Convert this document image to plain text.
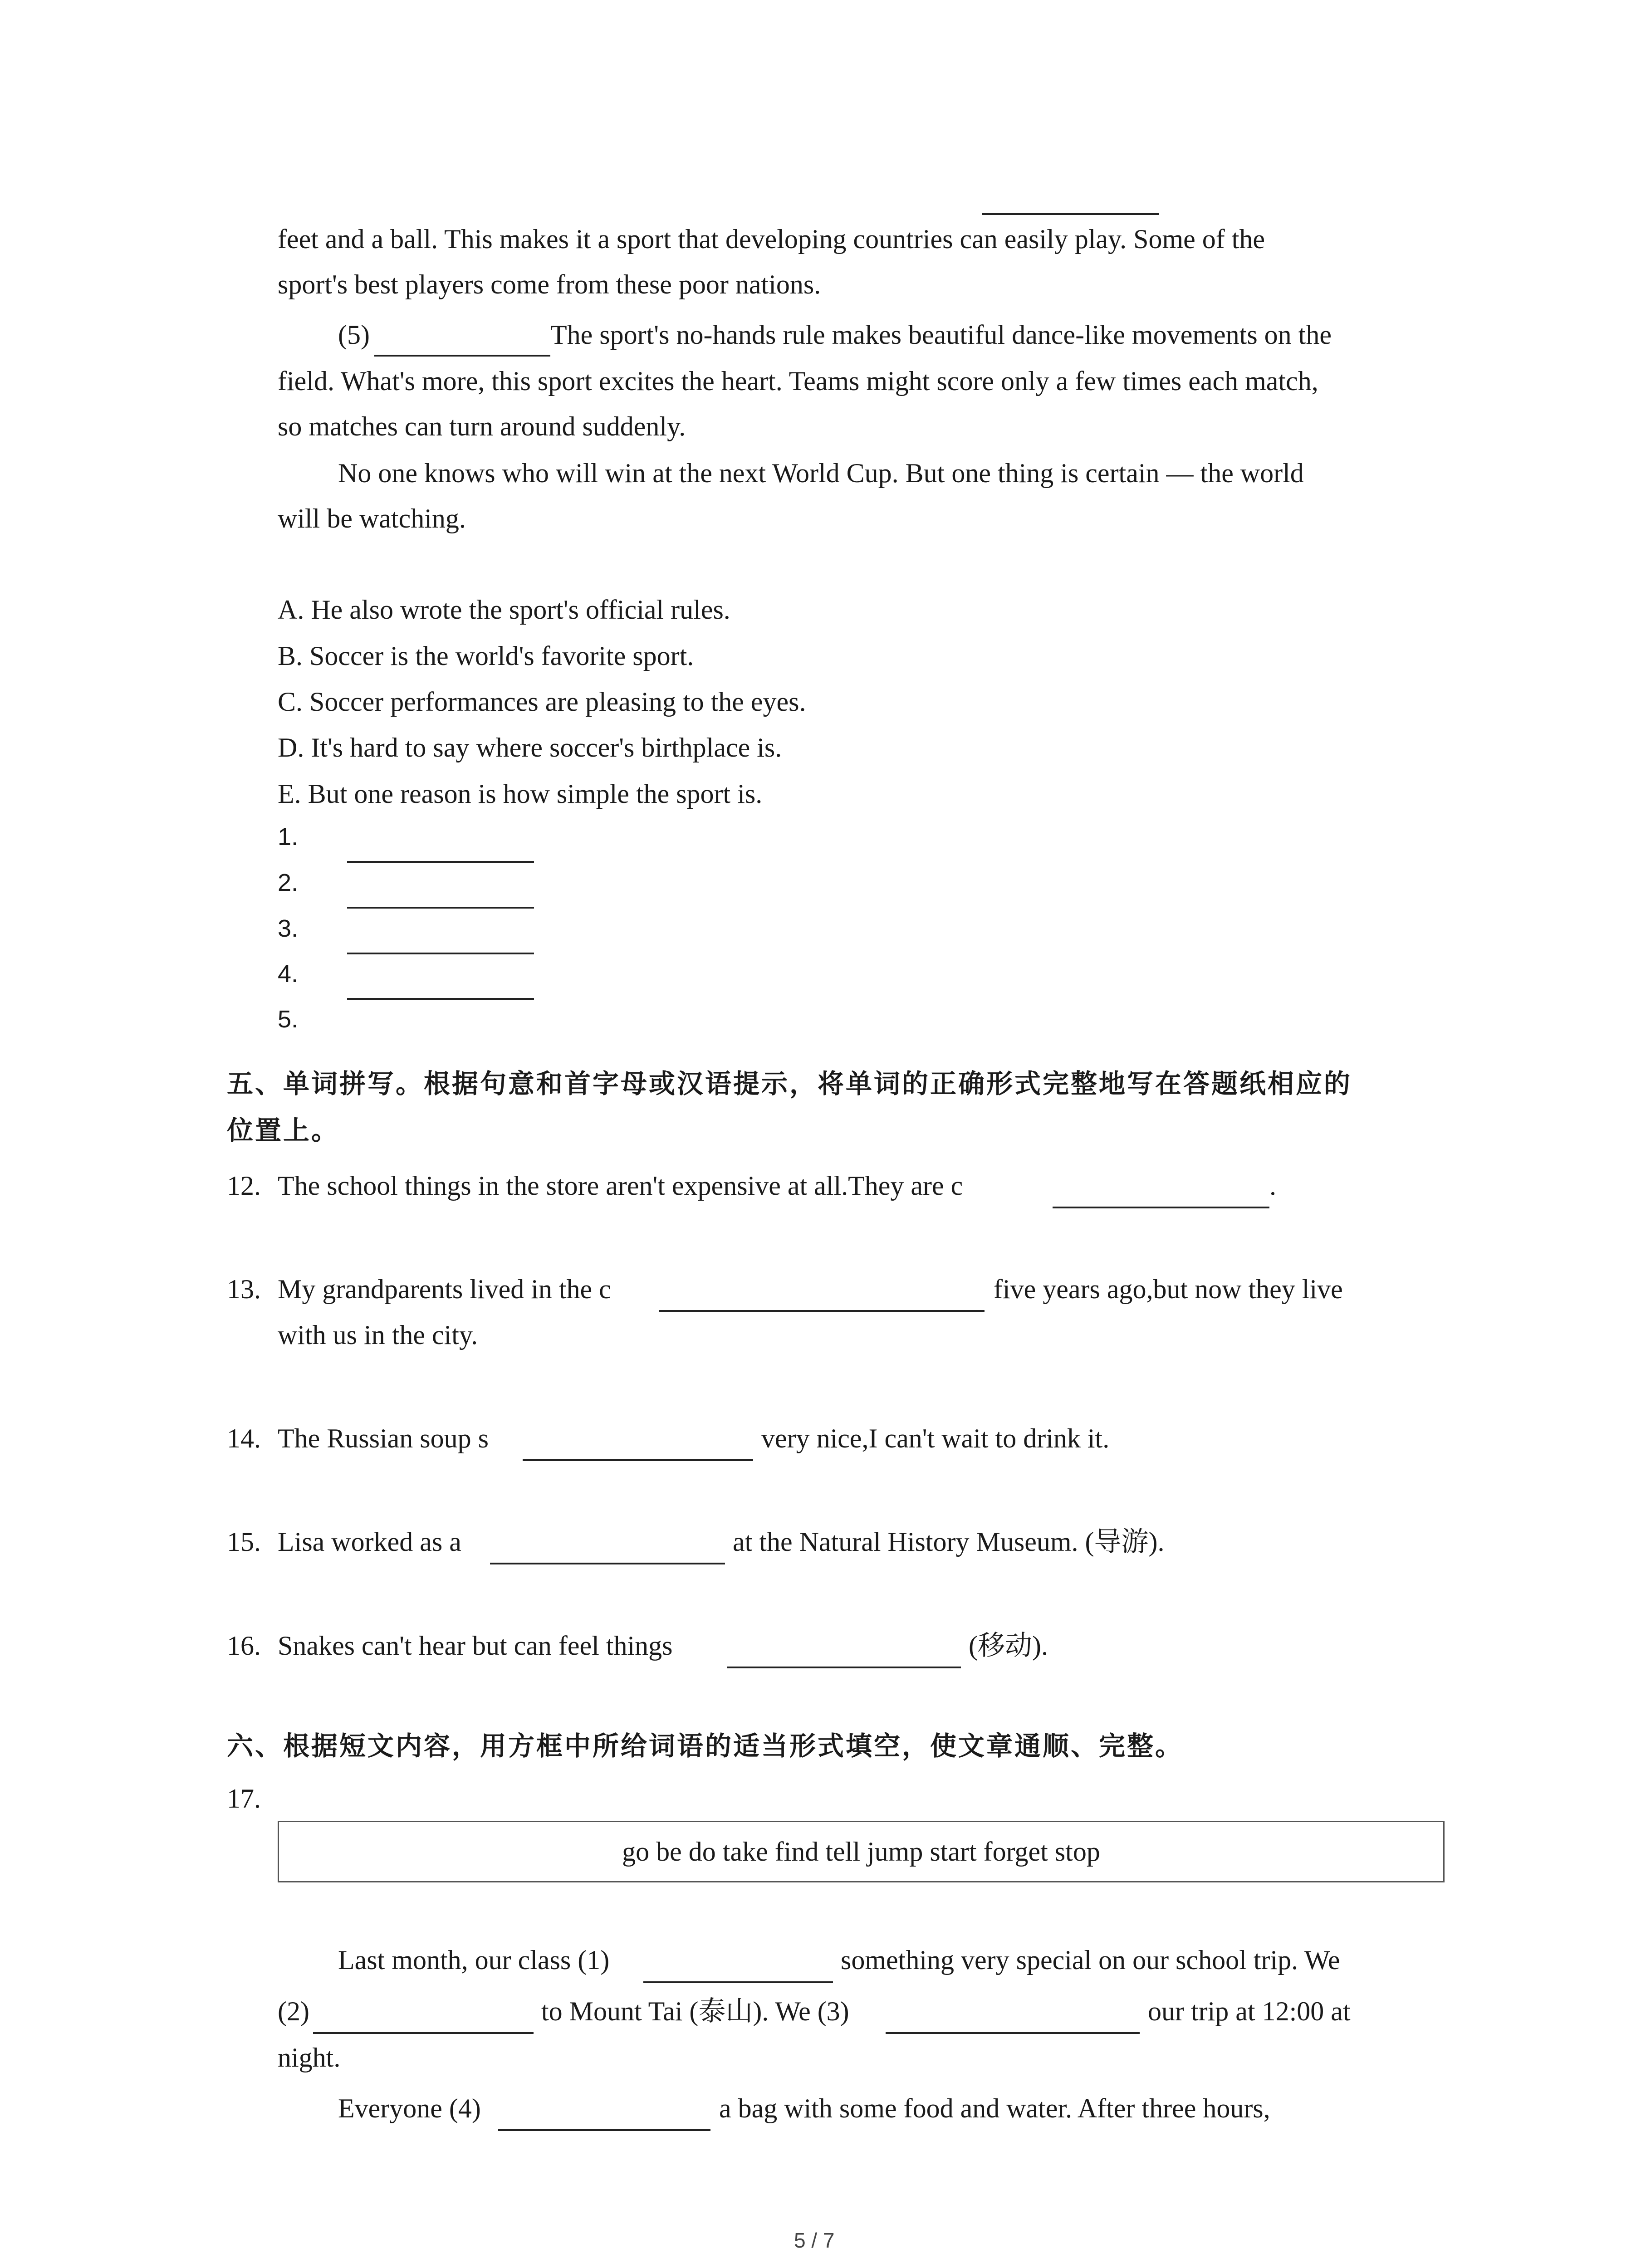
feet and a ball. This makes it a sport that developing countries can easily play. Some of the
sport's best players come from these poor nations.
(5)	The sport's no-hands rule makes beautiful dance-like movements on the
field. What's more, this sport excites the heart. Teams might score only a few times each match,
so matches can turn around suddenly.
No one knows who will win at the next World Cup. But one thing is certain — the world
will be watching.
A. He also wrote the sport's official rules.
B. Soccer is the world's favorite sport.
C. Soccer performances are pleasing to the eyes.
D. It's hard to say where soccer's birthplace is.
E. But one reason is how simple the sport is.
1.
2.
3.
4.
5.
五、单词拼写。根据句意和首字母或汉语提示，将单词的正确形式完整地写在答题纸相应的
位置上。
12. The school things in the store aren't expensive at all.They are c	.
13. My grandparents lived in the c	five years ago,but now they live
with us in the city.
14. The Russian soup s	very nice,I can't wait to drink it.
15. Lisa worked as a	at the Natural History Museum. (导游).
16. Snakes can't hear but can feel things	(移动).
六、根据短文内容，用方框中所给词语的适当形式填空，使文章通顺、完整。
17.
go be do take find tell jump start forget stop
Last month, our class (1)	something very special on our school trip. We
(2)	to Mount Tai (泰山). We (3)	our trip at 12:00 at
night.
Everyone (4)	a bag with some food and water. After three hours,
5 / 7
